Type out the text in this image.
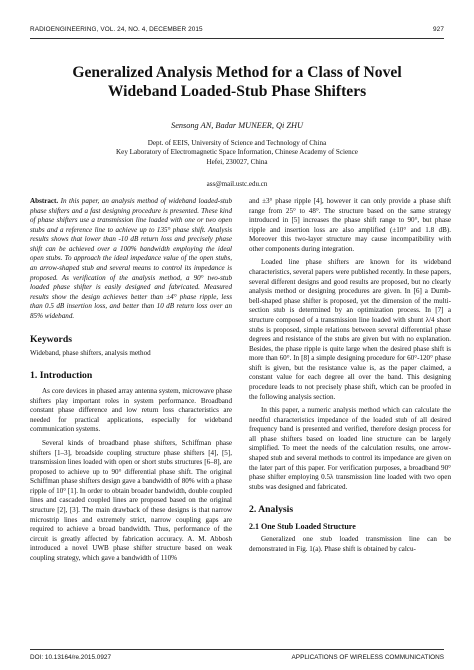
RADIOENGINEERING, VOL. 24, NO. 4, DECEMBER 2015	927
Generalized Analysis Method for a Class of Novel
Wideband Loaded-Stub Phase Shifters
Sensong AN, Badar MUNEER, Qi ZHU
Dept. of EEIS, University of Science and Technology of China
Key Laboratory of Electromagnetic Space Information, Chinese Academy of Science
Hefei, 230027, China
ass@mail.ustc.edu.cn

Abstract. In this paper, an analysis method of wideband loaded-stub phase shifters and a fast designing procedure is presented. These kind of phase shifters use a transmission line loaded with one or two open stubs and a reference line to achieve up to 135° phase shift. Analysis results shows that lower than -10 dB return loss and precisely phase shift can be achieved over a 100% bandwidth employing the ideal open stubs. To approach the ideal impedance value of the open stubs, an arrow-shaped stub and several means to control its impedance is proposed. As verification of the analysis method, a 90° two-stub loaded phase shifter is easily designed and fabricated. Measured results show the design achieves better than ±4° phase ripple, less than 0.5 dB insertion loss, and better than 10 dB return loss over an 85% wideband.

Keywords

Wideband, phase shifters, analysis method

1. Introduction

As core devices in phased array antenna system, microwave phase shifters play important roles in system performance. Broadband constant phase difference and low return loss characteristics are needed for practical applications, especially for wideband communication systems.

Several kinds of broadband phase shifters, Schiffman phase shifters [1–3], broadside coupling structure phase shifters [4], [5], transmission lines loaded with open or short stubs structures [6–8], are proposed to achieve up to 90° differential phase shift. The original Schiffman phase shifters design gave a bandwidth of 80% with a phase ripple of 10° [1]. In order to obtain broader bandwidth, double coupled lines and cascaded coupled lines are proposed based on the original structure [2], [3]. The main drawback of these designs is that narrow microstrip lines and extremely strict, narrow coupling gaps are required to achieve a broad bandwidth. Thus, performance of the circuit is greatly affected by fabrication accuracy. A. M. Abbosh introduced a novel UWB phase shifter structure based on weak coupling strategy, which gave a bandwidth of 110%

and ±3° phase ripple [4], however it can only provide a phase shift range from 25° to 48°. The structure based on the same strategy introduced in [5] increases the phase shift range to 90°, but phase ripple and insertion loss are also amplified (±10° and 1.8 dB). Moreover this two-layer structure may cause incompatibility with other components during integration.

Loaded line phase shifters are known for its wideband characteristics, several papers were published recently. In these papers, several different designs and good results are proposed, but no clearly analysis method or designing procedures are given. In [6] a Dumb-bell-shaped phase shifter is proposed, yet the dimension of the multi-section stub is determined by an optimization process. In [7] a structure composed of a transmission line loaded with shunt λ/4 short stubs is proposed, simple relations between several differential phase degrees and resistance of the stubs are given but with no explanation. Besides, the phase ripple is quite large when the desired phase shift is more than 60°. In [8] a simple designing procedure for 60°-120° phase shift is given, but the resistance value is, as the paper claimed, a constant value for each degree all over the band. This designing procedure leads to not precisely phase shift, which can be proofed in the following analysis section.

In this paper, a numeric analysis method which can calculate the needful characteristics impedance of the loaded stub of all desired frequency band is presented and verified, therefore design process for all phase shifters based on loaded line structure can be largely simplified. To meet the needs of the calculation results, one arrow-shaped stub and several methods to control its impedance are given on the later part of this paper. For verification purposes, a broadband 90° phase shifter employing 0.5λ transmission line loaded with two open stubs was designed and fabricated.

2. Analysis
2.1 One Stub Loaded Structure

Generalized one stub loaded transmission line can be demonstrated in Fig. 1(a). Phase shift is obtained by calcu-

DOI: 10.13164/re.2015.0927	APPLICATIONS OF WIRELESS COMMUNICATIONS
